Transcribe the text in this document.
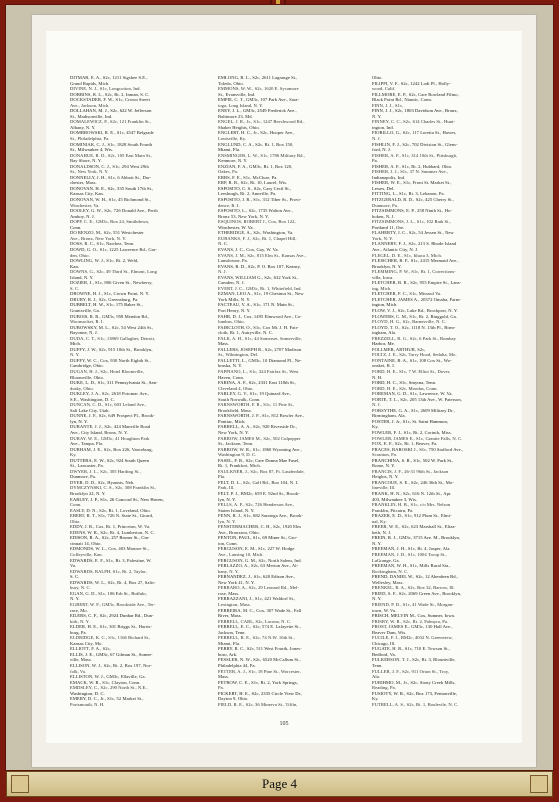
DITMAR, E. A., S2c, 1211 Sigsbee S.E.,
Grand Rapids, Mich.
DIVINE, N. J., S1c, Longcotton, Ind.
DOBBINS, R. L., S2c, Rt. 2, Inman, S. C.
DOCKSTADER, F. W., S1c, Crown Street
Ave., Jackson, Mich.
DOLLAHAN, M. J., S2c, 622 W. Jefferson
St., Madisonville, Ind.
DOMALEWICZ, P., S2c, 121 Franklin St.,
Albany, N. Y.
DOMBROWSKI, R. E., S1c, 4547 Belgrade
St., Philadelphia, Pa.
DOMINIAK, C. J., S1c, 1828 South Fourth
St., Milwaukee 4, Wis.
DONAHUE, R. D., S2c, 105 East Main St.,
Bay Shore, N. Y.
DONALDSON, C. J., S1c, 294 West 29th
St., New York, N. Y.
DONNELLY, J. H., S1c, 6 Abbott St., Dor-
chester, Mass.
DONOVAN, H. E., S2c, 335 South 17th St.,
Kansas City, Kan.
DONOVAN, W. H., S1c, 45 Richmond St.,
Winchester, Va.
DOOLEY, G. W., S2c, 726 Donald Ave., Perth
Amboy, N. J.
DOPP, C. E., GM3c, Box 24, Smithdown,
Conn.
DO RENZO, M., S2c, 551 Westchester
Ave., Bronx, New York, N. Y.
DOSS, R. C., S1c, Natchez, Tenn.
DOWD, G. O., S1c, 1225 Lawrence Rd., Gar-
den, Ohio.
DOWLING, W. J., S1c, Rt. 2, Weld,
Kan.
DOWNS, G., S2c, 49 Third St., Elmont, Long
Island, N. Y.
DOZIER, J., S1c, 806 Given St., Newberry,
S. C.
DROWNE, H. J., S1c, Crown Point, N. Y.
DRURY, R. J., S2c, Greensburg, Pa.
DUBBELT, H. W., S1c, 175 Baker St.,
Grantsville, Ga.
DUBOIS, R. R., GM3c, 958 Mendon Rd.,
Woonsocket, R. I.
DUBOWSKY, M. L., S2c, 54 West 24th St.,
Bayonne, N. J.
DUDA, C. T., S1c, 13869 Gallagher, Detroit,
Mich.
DUFFY, J. W., S2c, 915 10th St., Brooklyn,
N. Y.
DUFFY, W. C., Cox, 930 North Eighth St.,
Cambridge, Ohio.
DUGAN, H. J., S2c, Hotel Bloomville,
Bloomville, Ohio.
DUKE, L. D., S1c, 311 Pennsylvania St., San-
dusky, Ohio.
DUKLEY, J. A., S2c, 2618 Potomac Ave.,
S.E., Washington, D. C.
DUNCAN, C. D., S1c, 603 Leland Ave.,
Salt Lake City, Utah.
DUNNE, J. F., S2c, 649 Prospect Pl., Brook-
lyn, N. Y.
DURANTE, J. J., S2c, 424 Manville Road
Ave., City Island, Bronx, N. Y.
DURAY, W. E., GM3c, 41 Houghton Park
Ave., Tampa, Fla.
DURHAM, J. E., S2c, Box 226, Vanceburg,
Ky.
DUTTERA, E. W., S2c, 924 South Queen
St., Lancaster, Pa.
DWYER, J. L., S2c, 305 Harding St.,
Dunmore, Pa.
DYER, D. D., S2c, Hyannis, Neb.
DYMCZYNSKI, C. S., S2c, 308 Franklin St.,
Brooklyn 22, N. Y.
EARLEY, J. P., S1c, 26 Concord St., New Haven,
Conn.
EASLY, D. N., S2c, Rt. 1, Loveland, Ohio.
EBERT, R. T., S1c, 726 N. State St., Girard,
Ohio.
EDDY, J. R., Cox, Rt. 1, Princeton, W. Va.
EDENS, W. R., S2c, Rt. 4, Lumberton, N. C.
EDISON, R. A., S2c, 257 Bruner St., Cin-
cinnati 14, Ohio.
EDMONDS, W. L., Cox, 403 Monroe St.,
Coffeyville, Kan.
EDWARDS, E. F., S1c, Rt. 3, Palestine, W.
Va.
EDWARDS, RALPH, S1c, Rt. 2, Taylor,
S. C.
EDWARDS, W. L., S2c, Rt. 4, Box 27, Salis-
bury, N. C.
EGAN, G. D., S1c, 106 Erb St., Buffalo,
N. Y.
EGBERT, W. F., GM3c, Brookside Ave., Ter-
race, Mo.
EILERS, C. F., S2c, 2924 Dunbar Rd., Dun-
kirk, N. Y.
ELDER, H. E., S1c, 301 Briggs St., Harris-
burg, Pa.
ELDRIDGE, K. C., S1c, 1166 Richard St.,
Kansas City, Mo.
ELLIOTT, F. A., S2c,
ELLIS, J. E., GM3c, 67 Gilman St., Somer-
ville, Mass.
ELLISON, W. J., S2c, Rt. 2, Box 197, Nor-
folk, Va.
ELLISTON, W. J., GM3c, Ellaville, Ga.
EMACK, W. R., S1c, Clayton, Conn.
EMDSLEY, C., S2c, 290 North St., N.E.,
Washington, D. C.
EMERY, D. C., Jr., S1c, 52 Market St.,
Portsmouth, N. H.
EMLONG, R. L., S2c, 2611 Lagrange St.,
Toledo, Ohio.
EMMONS, W. W., S2c, 1620 E. Sycamore
St., Evansville, Ind.
EMPIE, C. T., GM3c, 107 Park Ave., Sara-
toga, Long Island, N. Y.
ENEY, J. L., GM3c, 2549 Frederick Ave.,
Baltimore 23, Md.
ENGEL, J. R., Jr., S1c, 1247 Beechwood Rd.,
Shaker Heights, Ohio.
ENGLERT, H. C., Jr., S2c, Hooper Ave.,
Louisville, Ky.
ENGLUND, C. A., S2c, Rt. 1, Box 150,
Miami, Fla.
ENSMINGER, L. W., S1c, 1786 Military Rd.,
Kenmore, N. Y.
ENZIAN, F. A., GM3c, Rt. 1, Box 120,
Oakes, Pa.
ERBS, F. E., S1c, McClure, Pa.
ERP, R. R., S2c, Rt. 10, Laurel, Wis.
ESPOSITO, C. S., S2c, Cary Cecil St.,
Leesburgh, Rt. 2, Annville, Pa.
ESPOSITO, J. R., S1c, 312 Tiber St., Provi-
dence, R. I.
ESPOSITO, L., S2c, 1735 Walton Ave.,
Bronx 53, New York, N. Y.
ESQUINOS, ROBERT J., Cox, Box 122,
Winchester, W. Va.
ETHERIDGE, A., S2c, Washington, Va.
EUBANKS, F. J., S2c, Rt. 1, Chapel Hill,
N. C.
EVANS, J. C., Cox, Gay, W. Va.
EVANS, J. M., S2c, 815 Elm St., Kansas Ave.,
Lansdowne, Pa.
EVANS, R. D., S2c, P. O. Box 107, Kearny,
N. J.
EVANS, WILLIAM G., S2c, 632 York St.,
Camden, N. J.
EVERT, J. C., GM3c, Rt. 1, Whitefield, Ind.
EZMAN, LEO A., S1c, 19 Chestnut St., New
York Mills, N. Y.
FACTEAU, V. A., S1c, 171 N. Main St.,
Port Henry, N. Y.
FAHR, D. J., Cox, 1495 Elmwood Ave., Co-
lumbus, Ohio.
FAIRCLOTH, O., S1c, Cox Mt. J. H. Fair-
cloth, Rt. 1, Autryville, N. C.
FALK, A. H., S1c, 44 Somerset, Somerville,
Mass.
FALLERS, JOSEPH R., S2c, 2707 Madison
St., Wilmington, Del.
FALLETTI, L., GM3c, 10 Diamond Pl., Ne-
braska, N. Y.
FAPPIANO, L., S1c, 324 Fairfax St., West
Haven, Conn.
FARINA, A. F., S2c, 2331 East 118th St.,
Cleveland 4, Ohio.
FARLEY, G. V., S1c, 19 Quinard Ave.,
South Norwalk, Conn.
FARNSWORTH, F. R., S1c, 11 Pine St.,
Brookfield, Mass.
FARNSWORTH, J. F., S1c, 812 Bowler Ave.,
Pontiac, Mich.
FARRELL, A. A., S2c, 920 Riverside Dr.,
New York, N. Y.
FARROW, JAMES M., S2c, 502 Culpepper
St., Jackson, Tenn.
FARROW, W. R., S1c, 1860 Wyoming Ave.,
Washington 9, D. C.
FASEL, F. R., S2c, Care Donna Mae Fasel,
Rt. 1, Frankfort, Mich.
FAULKNER, J., S2c, Box 87, Ft. Lauderdale,
Fla.
FELT, D. L., S2c, Golf Rd., Box 104, N. I.
Park, Ill.
FELT, P. J., BM2c, 659 E. 92nd St., Brook-
lyn, N. Y.
FELLS, A. F., S2c, 726 Henderson Ave.,
Staten Island, N. Y.
FENN, R. J., S1c, 682 Saratoga Ave., Brook-
lyn, N. Y.
FENSTERMACHER, C. H., S2c, 1920 Elm
Ave., Bronxton, Ohio.
FENTON, PAUL, S1c, 69 Miner St., Gro-
ton, Conn.
FERGUSON, E. M., S1c, 227 W. Hodge
Ave., Lansing 10, Mich.
FERGUSON, G. M., S2c, North Salem, Ind.
FERLAZZO, A., S2c, 63 Merton Ave., Al-
bany, N. Y.
FERNANDEZ, J., S1c, 620 Edison Ave.,
New York 41, N. Y.
FERRARO, A., S2c, 29 Leonard Rd., Mel-
rose, Mass.
FERRAZZANI, J., S1c, 421 Waldorf St.,
Lexington, Mass.
FERREIRA, M. C., Cox, 307 Wade St., Fall
River, Mass.
FERRELL, CARL, S2c, Lacona, N. C.
FERRELL, E. C., S2c, 574 E. Lafayette St.,
Jackson, Tenn.
FERRELL, R. E., S2c, 74 N.W. 16th St.,
Miami, Fla.
FERRY, R. C., S2c, 511 West Fourth, Jones-
boro, Ark.
FESSLER, N. W., S2c, 6520 McCallum St.,
Philadelphia 44, Pa.
FETTER, A. J., S1c, 18 Pine St., Worcester,
Mass.
FETROW, C. E., S1c, Rt. 2, York Springs,
Pa.
FICKERT, H. E., S2c, 2335 Circle View Dr.,
Dayton 9, Ohio.
FIELD, R. E., S2c, 36 Minerva St., Tiffin,
Ohio.
FILIPPI, V. F., S2c, 1242 Lodi Pl., Holly-
wood, Calif.
FILLMORE, E. P., S2c, Care Rowland Filmo,
Black Point Rd., Niantic, Conn.
FINN, J. J., S1c,
FINN, J. J., S2c, 1803 Davidson Ave., Bronx,
N. Y.
FINNEY, C. C., S2c, 614 Charles St., Hunt-
ington, Ind.
FIORILLO, G., S2c, 117 Loretta St., Hawes,
N. J.
FISHLIN, F. J., S2c, 702 Division St., Glens-
ford, N. J.
FISHER, A. F., S1c, 314 10th St., Pittsburgh,
Pa.
FISHER, A. F., S1c, Rt. 2, Hubbard, Ohio.
FISHER, J. J., S1c, 37 N. Summer Ave.,
Indianapolis, Ind.
FISHER, W. E., S1c, Front St. Market St.,
Lewes, Del.
FITTING, L., S1c, Rt. 3, Lebanon, Pa.
FITZGERALD, R. D., S2c, 425 Cherry St.,
Dunmore, Pa.
FITZSIMMONS, E. P., 258 Ninth St., Ho-
boken, N. J.
FITZSIMMONS, J. L., S1c, 102 Rath St.,
Portland 11, Ore.
FLAHERTY, J. C., S2c, 54 Jessen St., New
York, N. Y.
FLANNERY, F. J., S2c, 213 S. Rhode Island
Ave., Atlantic City, N. J.
FLEGEL, D. E., S1c, Ithaca 3, Mich.
FLEISCHER, R. F., S1c, 2415 Mermaid Ave.,
Brooklyn, N. Y.
FLEMMING, P. W., S1c, Rt. 1, Corrections-
ville, Iowa.
FLETCHER, B. R., S2c, 955 Empire St., Lans-
ing, Mich.
FLETCHER, F. C., S1c, Missoul Va.
FLETCHER, JAMES A., 20372 Omaha, Farm-
ington, Mich.
FLOW, V. J., S2c, Lake Rd., Brockport, N. Y.
FLOWERS, C. M., S1c, Rt. 2, Ringgold, Ga.
FLOYD, H. G., S2c, Barnesville, N. C.
FLOYD, T. O., S2c, 1118 N. 13th Pl., Birm-
ingham, Ala.
FREZZELL, R. G., S2c, 6 Park St., Bombay
Harbor, Me.
FOLLMER, ARTHUR, S2c,
FOLTZ, J. E., S2c, Tarry Hood, Sedalia, Mo.
FONTAINE, R. A., S1c, 108 Cox St., Wo-
onsket, R. I.
FORD, H. E., S1c, 7 W. Elliot St., Dover,
N. H.
FORD, H. C., S1c, Smyrna, Tenn.
FORD, H. E., S2c, Moodus, Conn.
FOREMAN, G. D., S1c, Lawrence, W. Va.
FORTE, T. L., S2c, 205 13th Ave., W. Paterson,
N. J.
FORSYTHE, G. A., S1c, 2609 Military Dr.,
Birmingham, Ala.
FOSTER, J. Jr., S1c, St. Saint Hammon,
Ky.
FOWLER, F. J., S1c, Rt. 2, Corinth, Miss.
FOWLER, JAMES E., S1c, Granite Falls, N. C.
FOX, E. F., S2c, Rt. 1, Beaver, Pa.
FRACES, BAROSKI J., S1c, 750 Stafford Ave.,
Scranton, Pa.
FRANCHINA, S. R., S1c, 502 W. Park St.,
Rome, N. Y.
FRANCIS, J. F., 26-31 96th St., Jackson
Heights, N. Y.
FRANCOUE, S. E., S2c, 246 36th St., Mo-
lineville, Ill.
FRANK, H. N., S2c, 616 N. 12th St., Apt.
403, Milwaukee 3, Wis.
FRANKLIN, H. B., S1c, c/o Mrs. Nelson
Franklin, Pitcairn, Pa.
FRAZER, E. D., S1c, 912 Plum St., Elmi-
nal, Ky.
FREER, W. E., S2c, 623 Marshall St., Eliza-
beth, N. J.
FREIN, R. J., GM3c, 3715 Ave. M., Brooklyn,
N. Y.
FREEMAN, J. H., S1c, Rt. 4, Jasper, Ala.
FREEMAN, J. D., S1c, 1004 Troop St.,
LaGrange, Ga.
FREEMAN, W. H., S1c, Mills Rural Sta.,
Rockingham, N. C.
FREND, DANIEL W., S2c, 12 Aberdeen Rd.,
Wellesley, Mass.
FRENKEL, R. A., S2c, Box 32, Barrow, Ill.
FRIED, S. F., S2c, 2069 Green Ave., Brooklyn,
N. Y.
FRIEND, P. D., S1c, 41 Wade St., Morgan-
town, W. Va.
FRISCH, MELVIN M., Cox, Sumner, Iowa.
FRISBY, W. R., S2c, Rt. 2, Palmyra, Pa.
FROST, JAMES E., GM3c, 130 Hall Ave.,
Beaver Dam, Wis.
FUCILE, F. J., BM2c, 4032 N. Greenview,
Chicago, Ill.
FUGATE, H. R., S1c, 710 E. Towson St.,
Bedford, Va.
FULKERSON, T. J., S2c, Rt. 3, Blountville,
Tenn.
FULLER, J. F., S2c, 911 Orton St., Troy,
Ala.
FURIHMO, M., Jr., S2c, Stony Creek Mills,
Reading, Pa.
FUSIOTY, W. R., S2c, Box 173, Fentonville,
Ky.
FUTRELL, A. S., S2c, Rt. 1, Boulevile, N. C.
105
Page 4
